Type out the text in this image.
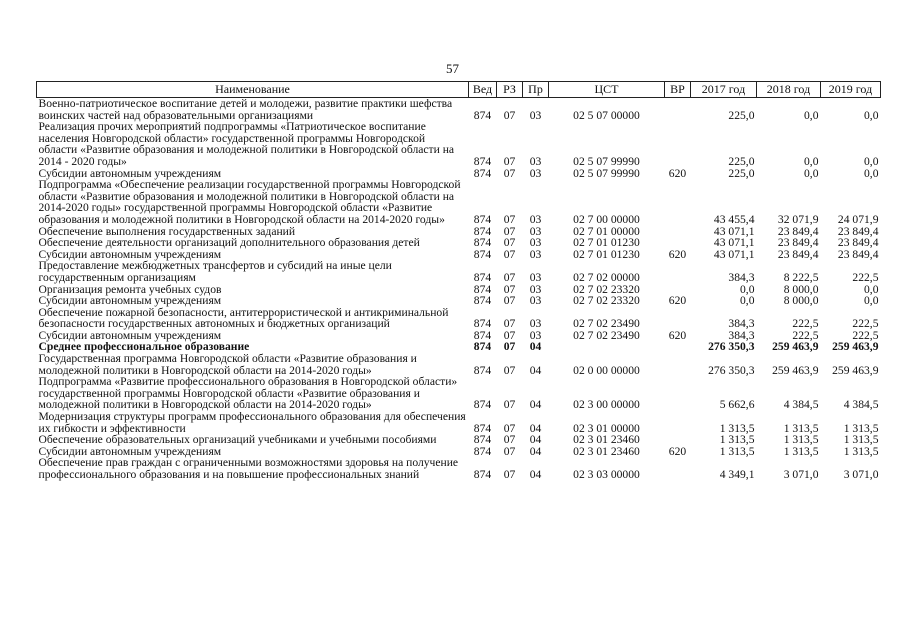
57
Наименование	Вед	РЗ	Пр	ЦСТ	ВР	2017 год	2018 год	2019 год
Военно-патриотическое воспитание детей и молодежи, развитие практики шефства воинских частей над образовательными организациями	874	07	03	02 5 07 00000		225,0	0,0	0,0
Реализация прочих мероприятий подпрограммы «Патриотическое воспитание населения Новгородской области» государственной программы Новгородской области «Развитие образования и молодежной политики в Новгородской области на 2014 - 2020 годы»	874	07	03	02 5 07 99990		225,0	0,0	0,0
Субсидии автономным учреждениям	874	07	03	02 5 07 99990	620	225,0	0,0	0,0
Подпрограмма «Обеспечение реализации государственной программы Новгородской области «Развитие образования и молодежной политики в Новгородской области на 2014-2020 годы» государственной программы Новгородской области «Развитие образования и молодежной политики в Новгородской области на 2014-2020 годы»	874	07	03	02 7 00 00000		43 455,4	32 071,9	24 071,9
Обеспечение выполнения государственных заданий	874	07	03	02 7 01 00000		43 071,1	23 849,4	23 849,4
Обеспечение деятельности организаций дополнительного образования детей	874	07	03	02 7 01 01230		43 071,1	23 849,4	23 849,4
Субсидии автономным учреждениям	874	07	03	02 7 01 01230	620	43 071,1	23 849,4	23 849,4
Предоставление межбюджетных трансфертов и субсидий на иные цели государственным организациям	874	07	03	02 7 02 00000		384,3	8 222,5	222,5
Организация ремонта учебных судов	874	07	03	02 7 02 23320		0,0	8 000,0	0,0
Субсидии автономным учреждениям	874	07	03	02 7 02 23320	620	0,0	8 000,0	0,0
Обеспечение пожарной безопасности, антитеррористической и антикриминальной безопасности государственных автономных и бюджетных организаций	874	07	03	02 7 02 23490		384,3	222,5	222,5
Субсидии автономным учреждениям	874	07	03	02 7 02 23490	620	384,3	222,5	222,5
Среднее профессиональное образование	874	07	04			276 350,3	259 463,9	259 463,9
Государственная программа Новгородской области «Развитие образования и молодежной политики в Новгородской области на 2014-2020 годы»	874	07	04	02 0 00 00000		276 350,3	259 463,9	259 463,9
Подпрограмма «Развитие профессионального образования в Новгородской области» государственной программы Новгородской области «Развитие образования и молодежной политики в Новгородской области на 2014-2020 годы»	874	07	04	02 3 00 00000		5 662,6	4 384,5	4 384,5
Модернизация структуры программ профессионального образования для обеспечения их гибкости и эффективности	874	07	04	02 3 01 00000		1 313,5	1 313,5	1 313,5
Обеспечение образовательных организаций учебниками и учебными пособиями	874	07	04	02 3 01 23460		1 313,5	1 313,5	1 313,5
Субсидии автономным учреждениям	874	07	04	02 3 01 23460	620	1 313,5	1 313,5	1 313,5
Обеспечение прав граждан с ограниченными возможностями здоровья на получение профессионального образования и на повышение профессиональных знаний	874	07	04	02 3 03 00000		4 349,1	3 071,0	3 071,0
